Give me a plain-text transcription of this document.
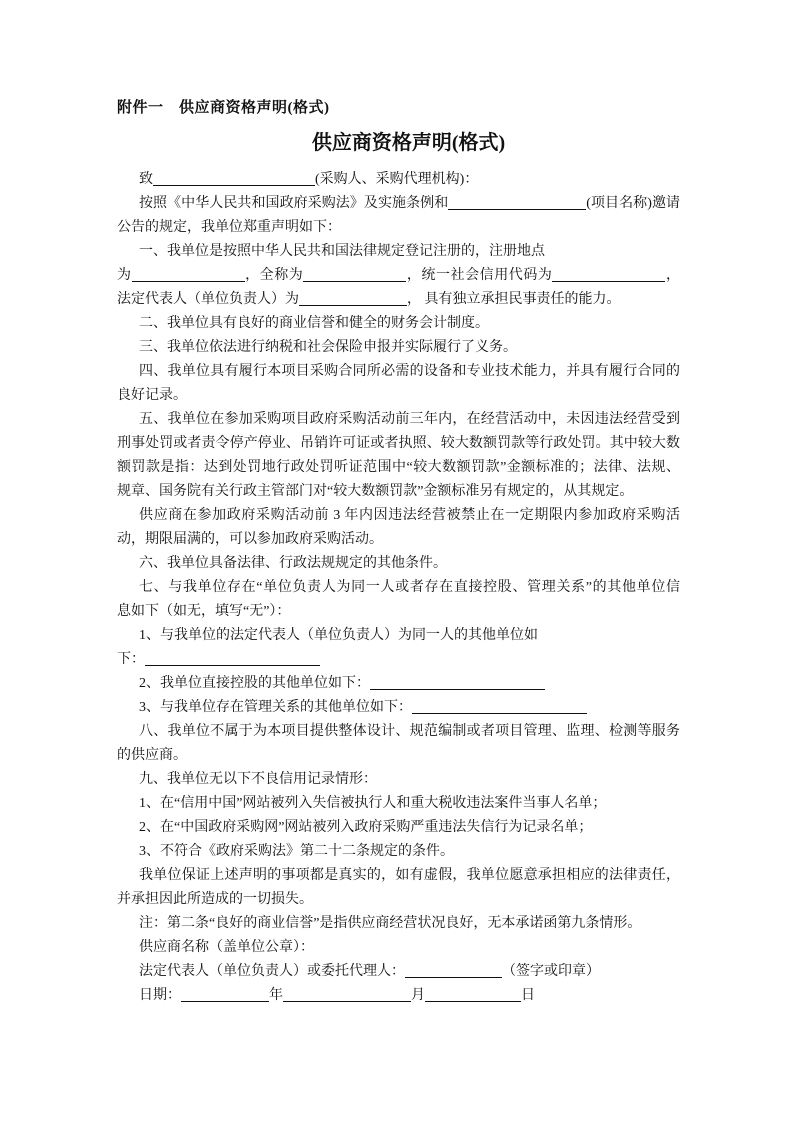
附件一　供应商资格声明(格式)
供应商资格声明(格式)
致	(采购人、采购代理机构)：
按照《中华人民共和国政府采购法》及实施条例和	(项目名称)邀请
公告的规定，我单位郑重声明如下：
一、我单位是按照中华人民共和国法律规定登记注册的，注册地点
为	，全称为	，统一社会信用代码为	，
法定代表人（单位负责人）为	， 具有独立承担民事责任的能力。
二、我单位具有良好的商业信誉和健全的财务会计制度。
三、我单位依法进行纳税和社会保险申报并实际履行了义务。
四、我单位具有履行本项目采购合同所必需的设备和专业技术能力，并具有履行合同的
良好记录。
五、我单位在参加采购项目政府采购活动前三年内，在经营活动中，未因违法经营受到
刑事处罚或者责令停产停业、吊销许可证或者执照、较大数额罚款等行政处罚。其中较大数
额罚款是指：达到处罚地行政处罚听证范围中“较大数额罚款”金额标准的；法律、法规、
规章、国务院有关行政主管部门对“较大数额罚款”金额标准另有规定的，从其规定。
供应商在参加政府采购活动前 3 年内因违法经营被禁止在一定期限内参加政府采购活
动，期限届满的，可以参加政府采购活动。
六、我单位具备法律、行政法规规定的其他条件。
七、与我单位存在“单位负责人为同一人或者存在直接控股、管理关系”的其他单位信
息如下（如无，填写“无”）：
1、与我单位的法定代表人（单位负责人）为同一人的其他单位如
下：
2、我单位直接控股的其他单位如下：
3、与我单位存在管理关系的其他单位如下：
八、我单位不属于为本项目提供整体设计、规范编制或者项目管理、监理、检测等服务
的供应商。
九、我单位无以下不良信用记录情形：
1、在“信用中国”网站被列入失信被执行人和重大税收违法案件当事人名单；
2、在“中国政府采购网”网站被列入政府采购严重违法失信行为记录名单；
3、不符合《政府采购法》第二十二条规定的条件。
我单位保证上述声明的事项都是真实的，如有虚假，我单位愿意承担相应的法律责任，
并承担因此所造成的一切损失。
注：第二条“良好的商业信誉”是指供应商经营状况良好，无本承诺函第九条情形。
供应商名称（盖单位公章）：
法定代表人（单位负责人）或委托代理人：	（签字或印章）
日期：	年	月	日
